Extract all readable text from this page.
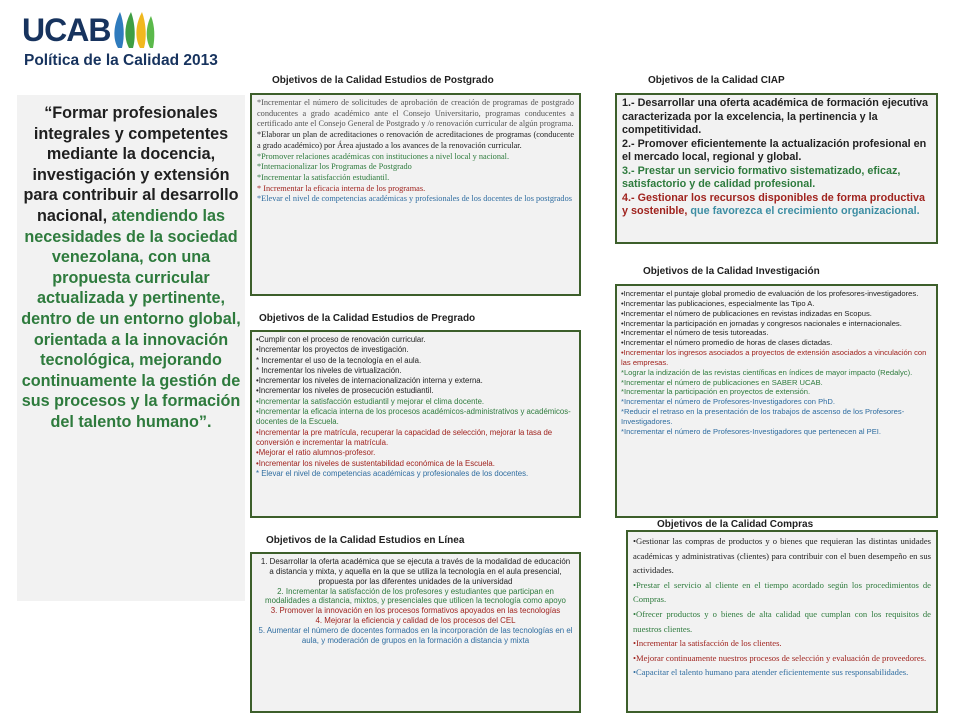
UCAB
Política de la Calidad 2013
“Formar profesionales integrales y competentes mediante la docencia, investigación y extensión para contribuir al desarrollo nacional, atendiendo las necesidades de la sociedad venezolana, con una propuesta curricular actualizada y pertinente, dentro de un entorno global, orientada a la innovación tecnológica, mejorando continuamente la gestión de sus procesos y la formación del talento humano”.
Objetivos de la Calidad Estudios de Postgrado

*Incrementar el número de solicitudes de aprobación de creación de programas de postgrado conducentes a grado académico ante el Consejo Universitario, programas conducentes a certificado ante el Consejo General de Postgrado y /o renovación curricular de algún programa.

*Elaborar un plan de acreditaciones o renovación de acreditaciones de programas (conducente a grado académico) por Área ajustado a los avances de la renovación curricular.

*Promover relaciones académicas con instituciones a nivel local y nacional.

*Internacionalizar los Programas de Postgrado

*Incrementar la satisfacción estudiantil.

* Incrementar la eficacia interna de los programas.

*Elevar el nivel de competencias académicas y profesionales de los docentes de los postgrados

Objetivos de la Calidad CIAP

1.- Desarrollar una oferta académica de formación ejecutiva caracterizada por la excelencia, la pertinencia y la competitividad.

2.- Promover eficientemente la actualización profesional en el mercado local, regional y global.

3.- Prestar un servicio formativo sistematizado, eficaz, satisfactorio y de calidad profesional.

4.- Gestionar los recursos disponibles de forma productiva y sostenible, que favorezca el crecimiento organizacional.

Objetivos de la Calidad Investigación

•Incrementar el puntaje global promedio de evaluación de los profesores-investigadores.

•Incrementar las publicaciones, especialmente las Tipo A.

•Incrementar el número de publicaciones en revistas indizadas en Scopus.

•Incrementar la participación en jornadas y congresos nacionales e internacionales.

•Incrementar el número de tesis tutoreadas.

•Incrementar el número promedio de horas de clases dictadas.

•Incrementar los ingresos asociados a proyectos de extensión asociados a vinculación con las empresas.

*Lograr la indización de las revistas científicas en índices de mayor impacto (Redalyc).

*Incrementar el número de publicaciones en SABER UCAB.

*Incrementar la participación en proyectos de extensión.

*Incrementar el número de Profesores-Investigadores con PhD.

*Reducir el retraso en la presentación de los trabajos de ascenso de los Profesores-Investigadores.

*Incrementar el número de Profesores-Investigadores que pertenecen al PEI.

Objetivos de la Calidad Estudios de Pregrado

•Cumplir con el proceso de renovación curricular.

•Incrementar los proyectos de investigación.

* Incrementar el uso de la tecnología en el aula.

* Incrementar los niveles de virtualización.

•Incrementar los niveles de internacionalización interna y externa.

•Incrementar los niveles de prosecución estudiantil.

•Incrementar la satisfacción estudiantil y mejorar el clima docente.

•Incrementar la eficacia interna de los procesos académicos-administrativos y académicos-docentes de la Escuela.

•Incrementar la pre matrícula, recuperar la capacidad de selección, mejorar la tasa de conversión e incrementar la matrícula.

•Mejorar el ratio alumnos-profesor.

•Incrementar los niveles de sustentabilidad económica de la Escuela.

* Elevar el nivel de competencias académicas y profesionales de los docentes.

Objetivos de la Calidad Estudios en Línea

1. Desarrollar la oferta académica que se ejecuta a través de la modalidad de educación a distancia y mixta, y aquella en la que se utiliza la tecnología en el aula presencial, propuesta por las diferentes unidades de la universidad

2. Incrementar la satisfacción de los profesores y estudiantes que participan en modalidades a distancia, mixtos, y presenciales que utilicen la tecnología como apoyo

3. Promover la innovación en los procesos formativos apoyados en las tecnologías

4. Mejorar la eficiencia y calidad de los procesos del CEL

5. Aumentar el número de docentes formados en la incorporación de las tecnologías en el aula, y moderación de grupos en la formación a distancia y mixta

Objetivos de la Calidad Compras

•Gestionar las compras de productos y o bienes que requieran las distintas unidades académicas y administrativas (clientes) para contribuir con el buen desempeño en sus actividades.

•Prestar el servicio al cliente en el tiempo acordado según los procedimientos de Compras.

•Ofrecer productos y o bienes de alta calidad que cumplan con los requisitos de nuestros clientes.

•Incrementar la satisfacción de los clientes.

•Mejorar continuamente nuestros procesos de selección y evaluación de proveedores.

•Capacitar el talento humano para atender eficientemente sus responsabilidades.
